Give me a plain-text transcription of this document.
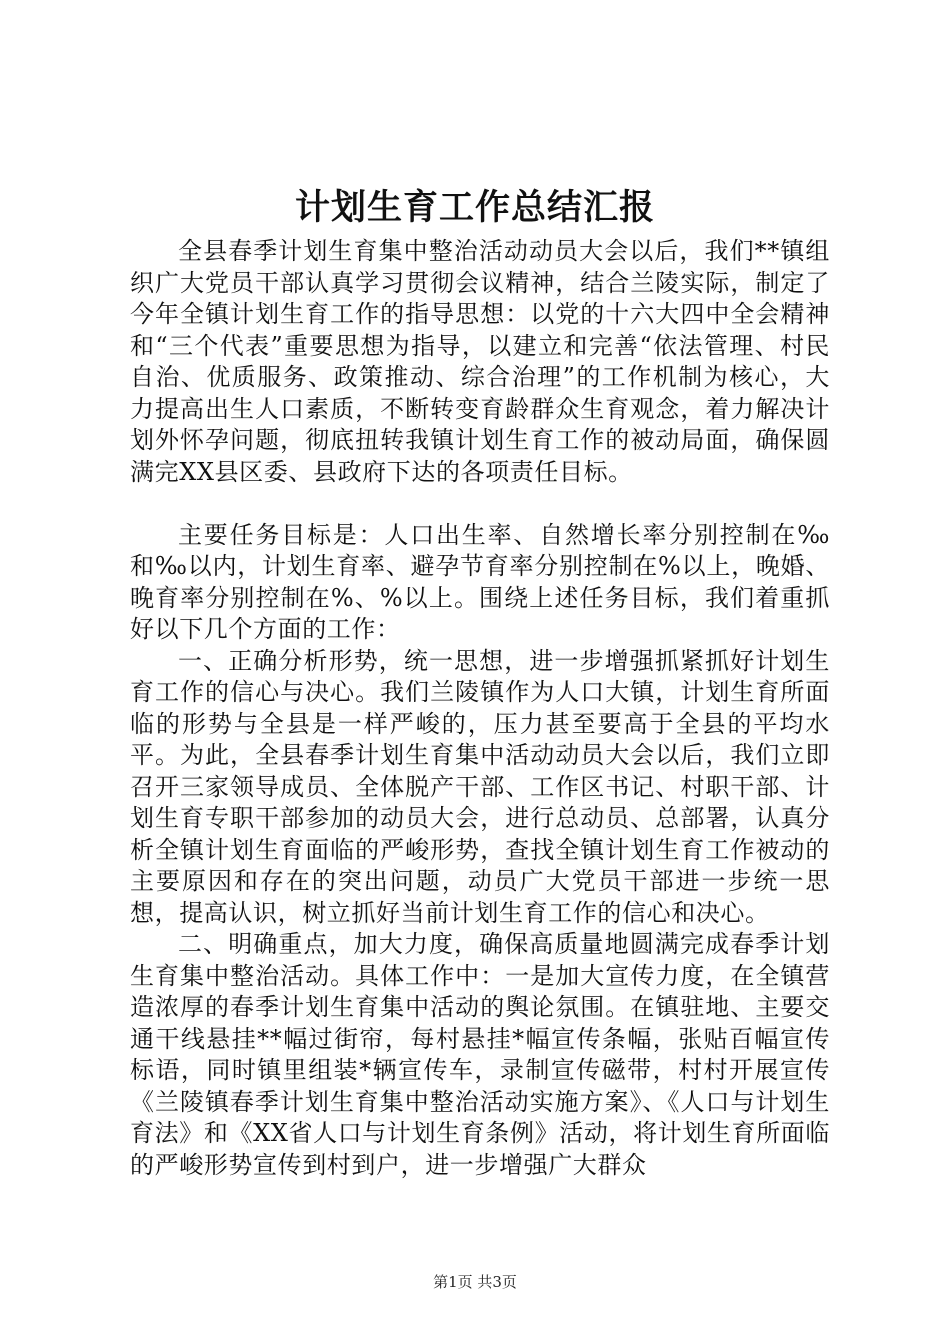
计划生育工作总结汇报

全县春季计划生育集中整治活动动员大会以后，我们**镇组织广大党员干部认真学习贯彻会议精神，结合兰陵实际，制定了今年全镇计划生育工作的指导思想：以党的十六大四中全会精神和“三个代表”重要思想为指导，以建立和完善“依法管理、村民自治、优质服务、政策推动、综合治理”的工作机制为核心，大力提高出生人口素质，不断转变育龄群众生育观念，着力解决计划外怀孕问题，彻底扭转我镇计划生育工作的被动局面，确保圆满完XX县区委、县政府下达的各项责任目标。

主要任务目标是：人口出生率、自然增长率分别控制在‰和‰以内，计划生育率、避孕节育率分别控制在%以上，晚婚、晚育率分别控制在%、%以上。围绕上述任务目标，我们着重抓好以下几个方面的工作：

一、正确分析形势，统一思想，进一步增强抓紧抓好计划生育工作的信心与决心。我们兰陵镇作为人口大镇，计划生育所面临的形势与全县是一样严峻的，压力甚至要高于全县的平均水平。为此，全县春季计划生育集中活动动员大会以后，我们立即召开三家领导成员、全体脱产干部、工作区书记、村职干部、计划生育专职干部参加的动员大会，进行总动员、总部署，认真分析全镇计划生育面临的严峻形势，查找全镇计划生育工作被动的主要原因和存在的突出问题，动员广大党员干部进一步统一思想，提高认识，树立抓好当前计划生育工作的信心和决心。

二、明确重点，加大力度，确保高质量地圆满完成春季计划生育集中整治活动。具体工作中：一是加大宣传力度，在全镇营造浓厚的春季计划生育集中活动的舆论氛围。在镇驻地、主要交通干线悬挂**幅过街帘，每村悬挂*幅宣传条幅，张贴百幅宣传标语，同时镇里组装*辆宣传车，录制宣传磁带，村村开展宣传《兰陵镇春季计划生育集中整治活动实施方案》、《人口与计划生育法》和《XX省人口与计划生育条例》活动，将计划生育所面临的严峻形势宣传到村到户，进一步增强广大群众

第1页 共3页
